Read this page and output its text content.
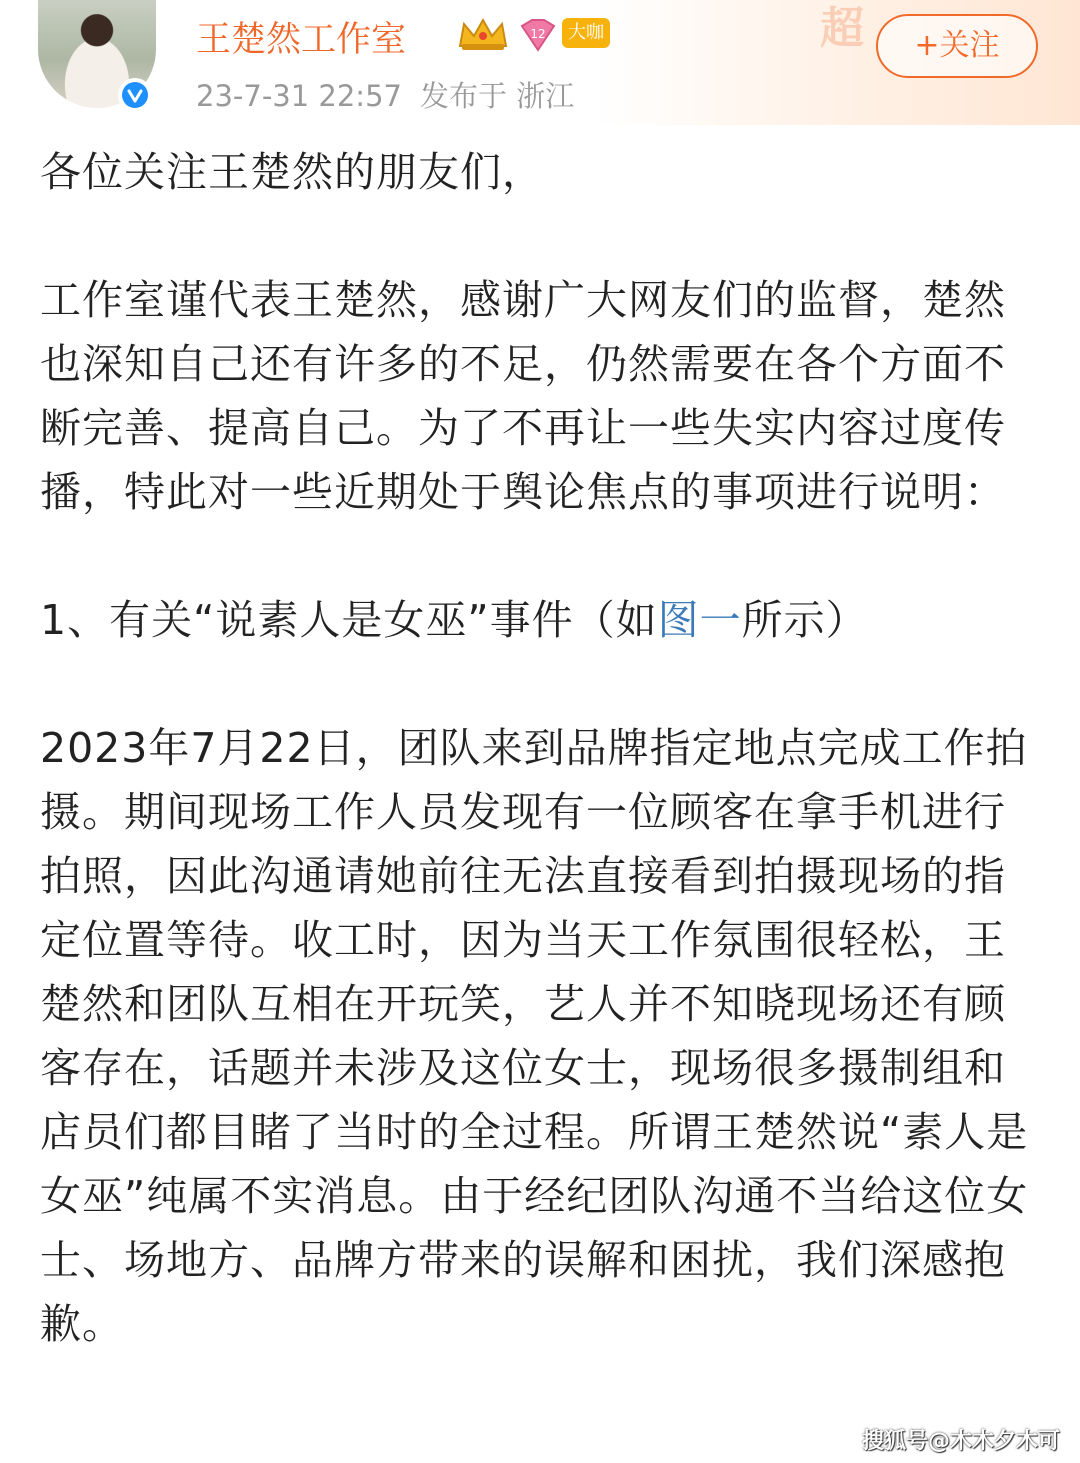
超
王楚然工作室	12	大咖
23-7-31 22:57 发布于 浙江
+关注

各位关注王楚然的朋友们，

工作室谨代表王楚然，感谢广大网友们的监督，楚然也深知自己还有许多的不足，仍然需要在各个方面不断完善、提高自己。为了不再让一些失实内容过度传播，特此对一些近期处于舆论焦点的事项进行说明：

1、有关“说素人是女巫”事件（如图一所示）

2023年7月22日，团队来到品牌指定地点完成工作拍摄。期间现场工作人员发现有一位顾客在拿手机进行拍照，因此沟通请她前往无法直接看到拍摄现场的指定位置等待。收工时，因为当天工作氛围很轻松，王楚然和团队互相在开玩笑，艺人并不知晓现场还有顾客存在，话题并未涉及这位女士，现场很多摄制组和店员们都目睹了当时的全过程。所谓王楚然说“素人是女巫”纯属不实消息。由于经纪团队沟通不当给这位女士、场地方、品牌方带来的误解和困扰，我们深感抱歉。

搜狐号@木木夕木可
